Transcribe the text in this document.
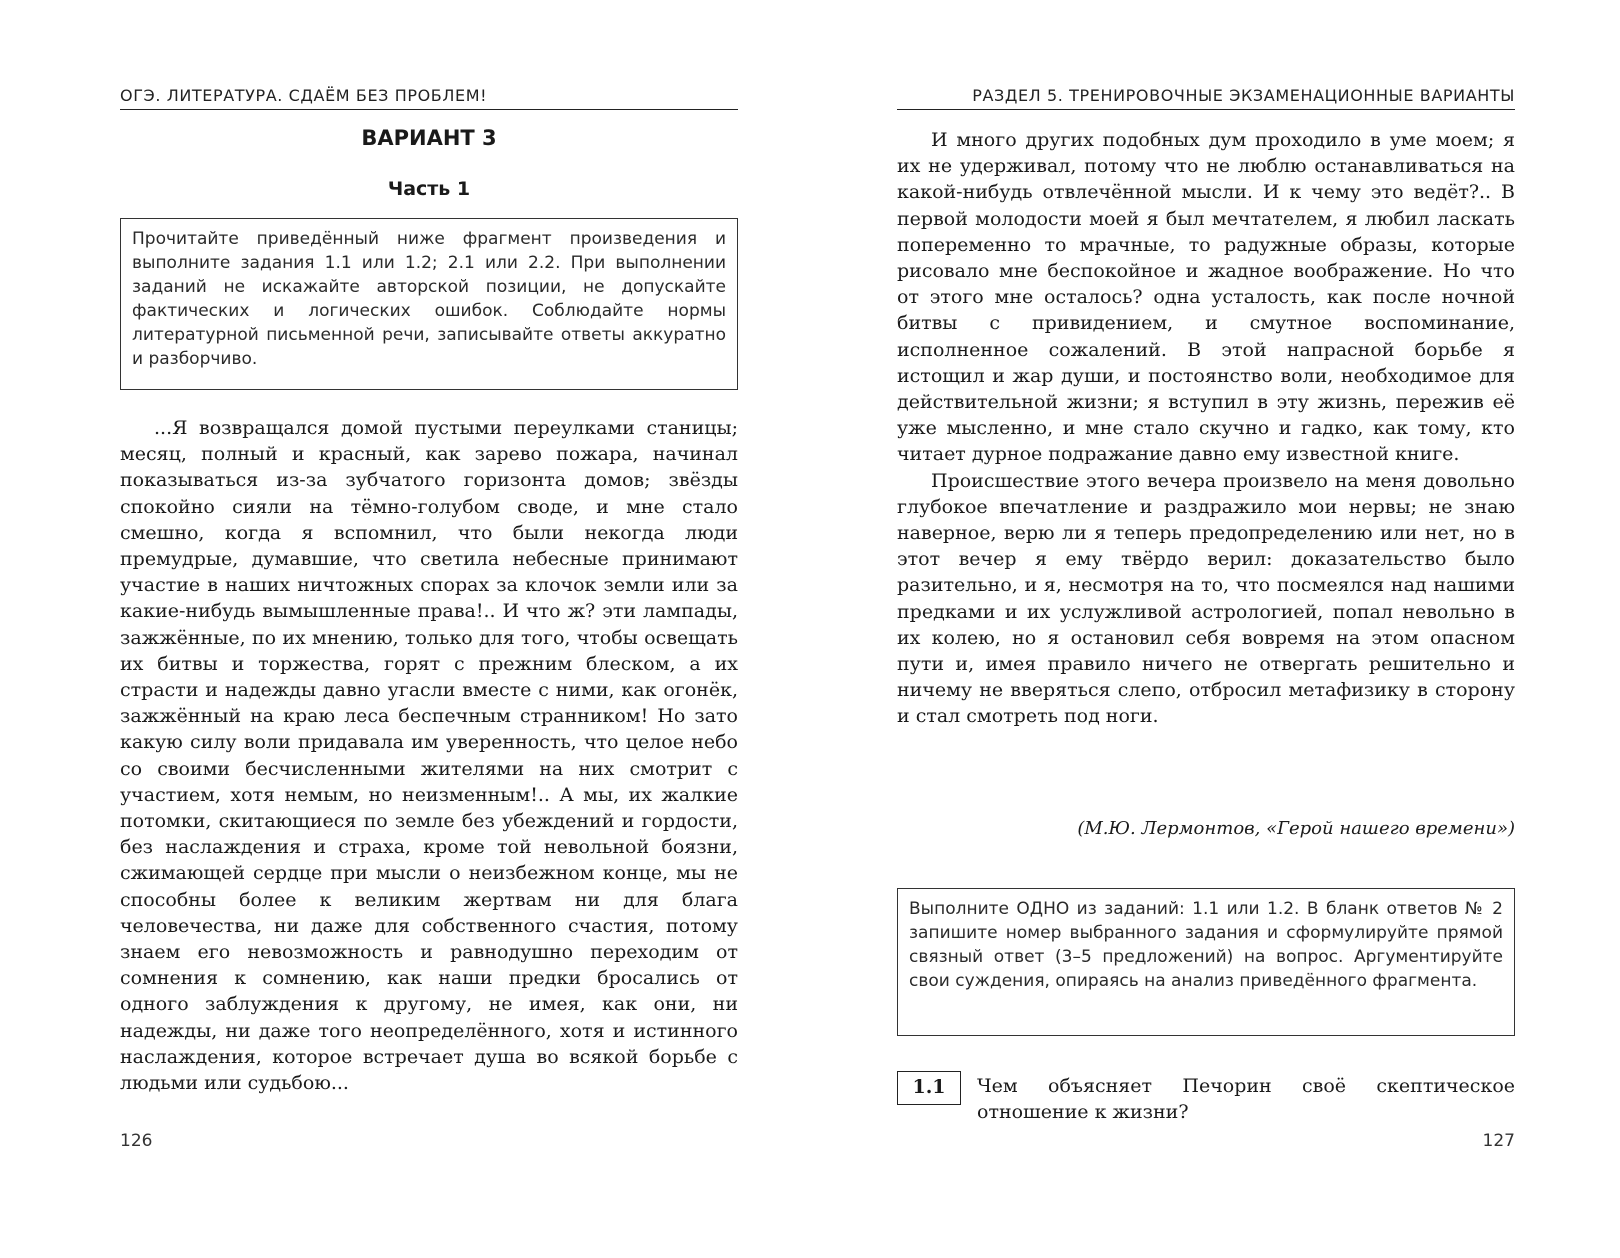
ОГЭ. ЛИТЕРАТУРА. СДАЁМ БЕЗ ПРОБЛЕМ!
ВАРИАНТ 3
Часть 1
Прочитайте приведённый ниже фрагмент произведения и выполните задания 1.1 или 1.2; 2.1 или 2.2. При выполнении заданий не искажайте авторской позиции, не допускайте фактических и логических ошибок. Соблюдайте нормы литературной письменной речи, записывайте ответы аккуратно и разборчиво.

...Я возвращался домой пустыми переулками станицы; месяц, полный и красный, как зарево пожара, начинал показываться из-за зубчатого горизонта домов; звёзды спокойно сияли на тёмно-голубом своде, и мне стало смешно, когда я вспомнил, что были некогда люди премудрые, думавшие, что светила небесные принимают участие в наших ничтожных спорах за клочок земли или за какие-нибудь вымышленные права!.. И что ж? эти лампады, зажжённые, по их мнению, только для того, чтобы освещать их битвы и торжества, горят с прежним блеском, а их страсти и надежды давно угасли вместе с ними, как огонёк, зажжённый на краю леса беспечным странником! Но зато какую силу воли придавала им уверенность, что целое небо со своими бесчисленными жителями на них смотрит с участием, хотя немым, но неизменным!.. А мы, их жалкие потомки, скитающиеся по земле без убеждений и гордости, без наслаждения и страха, кроме той невольной боязни, сжимающей сердце при мысли о неизбежном конце, мы не способны более к великим жертвам ни для блага человечества, ни даже для собственного счастия, потому знаем его невозможность и равнодушно переходим от сомнения к сомнению, как наши предки бросались от одного заблуждения к другому, не имея, как они, ни надежды, ни даже того неопределённого, хотя и истинного наслаждения, которое встречает душа во всякой борьбе с людьми или судьбою...

126
РАЗДЕЛ 5. ТРЕНИРОВОЧНЫЕ ЭКЗАМЕНАЦИОННЫЕ ВАРИАНТЫ

И много других подобных дум проходило в уме моем; я их не удерживал, потому что не люблю останавливаться на какой-нибудь отвлечённой мысли. И к чему это ведёт?.. В первой молодости моей я был мечтателем, я любил ласкать попеременно то мрачные, то радужные образы, которые рисовало мне беспокойное и жадное воображение. Но что от этого мне осталось? одна усталость, как после ночной битвы с привидением, и смутное воспоминание, исполненное сожалений. В этой напрасной борьбе я истощил и жар души, и постоянство воли, необходимое для действительной жизни; я вступил в эту жизнь, пережив её уже мысленно, и мне стало скучно и гадко, как тому, кто читает дурное подражание давно ему известной книге.

Происшествие этого вечера произвело на меня довольно глубокое впечатление и раздражило мои нервы; не знаю наверное, верю ли я теперь предопределению или нет, но в этот вечер я ему твёрдо верил: доказательство было разительно, и я, несмотря на то, что посмеялся над нашими предками и их услужливой астрологией, попал невольно в их колею, но я остановил себя вовремя на этом опасном пути и, имея правило ничего не отвергать решительно и ничему не вверяться слепо, отбросил метафизику в сторону и стал смотреть под ноги.

(М.Ю. Лермонтов, «Герой нашего времени»)
Выполните ОДНО из заданий: 1.1 или 1.2. В бланк ответов № 2 запишите номер выбранного задания и сформулируйте прямой связный ответ (3–5 предложений) на вопрос. Аргументируйте свои суждения, опираясь на анализ приведённого фрагмента.
1.1	Чем объясняет Печорин своё скептическое отношение к жизни?
127
